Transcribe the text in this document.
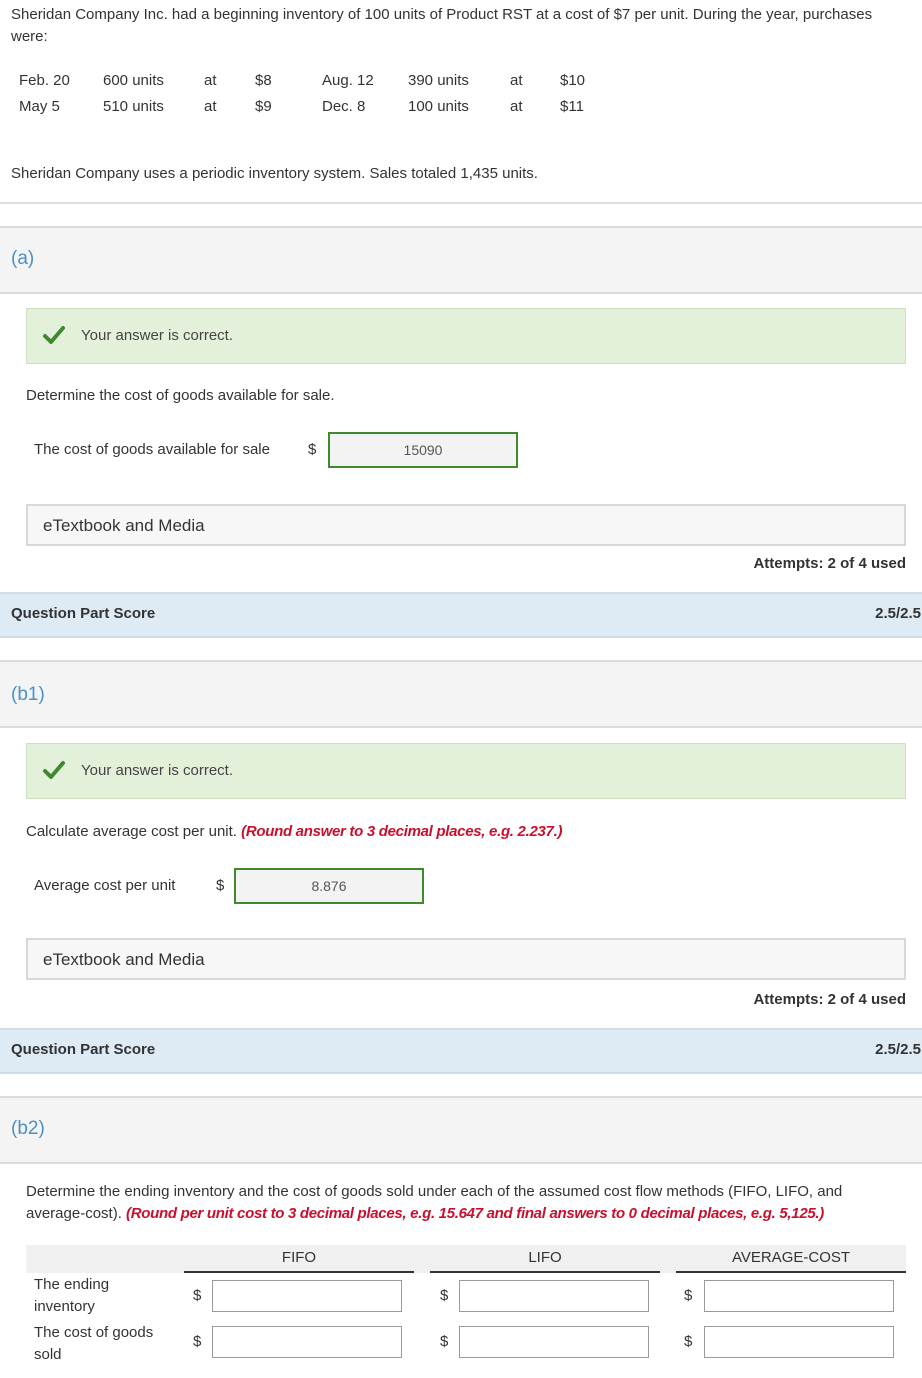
Sheridan Company Inc. had a beginning inventory of 100 units of Product RST at a cost of $7 per unit. During the year, purchases were:
Feb. 20	600 units	at	$8	Aug. 12	390 units	at	$10
May 5	510 units	at	$9	Dec. 8	100 units	at	$11
Sheridan Company uses a periodic inventory system. Sales totaled 1,435 units.
(a)
Your answer is correct.
Determine the cost of goods available for sale.
The cost of goods available for sale	$	15090
eTextbook and Media
Attempts: 2 of 4 used
Question Part Score	2.5/2.5
(b1)
Your answer is correct.
Calculate average cost per unit. (Round answer to 3 decimal places, e.g. 2.237.)
Average cost per unit	$	8.876
eTextbook and Media
Attempts: 2 of 4 used
Question Part Score	2.5/2.5
(b2)
Determine the ending inventory and the cost of goods sold under each of the assumed cost flow methods (FIFO, LIFO, and average-cost). (Round per unit cost to 3 decimal places, e.g. 15.647 and final answers to 0 decimal places, e.g. 5,125.)
FIFO	LIFO	AVERAGE-COST
The ending inventory
$	$	$
The cost of goods sold
$	$	$
